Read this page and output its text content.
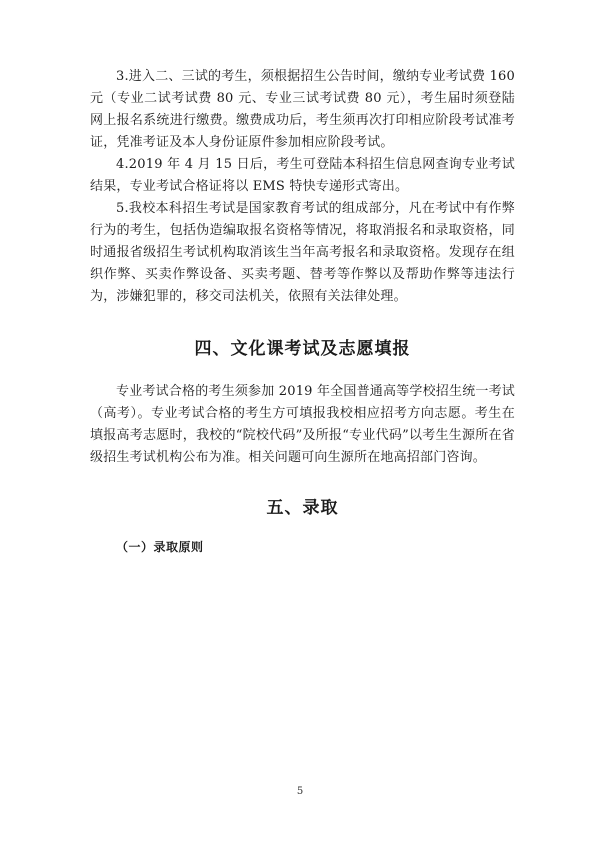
3.进入二、三试的考生，须根据招生公告时间，缴纳专业考试费 160 元（专业二试考试费 80 元、专业三试考试费 80 元），考生届时须登陆网上报名系统进行缴费。缴费成功后，考生须再次打印相应阶段考试准考证，凭准考证及本人身份证原件参加相应阶段考试。

4.2019 年 4 月 15 日后，考生可登陆本科招生信息网查询专业考试结果，专业考试合格证将以 EMS 特快专递形式寄出。

5.我校本科招生考试是国家教育考试的组成部分，凡在考试中有作弊行为的考生，包括伪造编取报名资格等情况，将取消报名和录取资格，同时通报省级招生考试机构取消该生当年高考报名和录取资格。发现存在组织作弊、买卖作弊设备、买卖考题、替考等作弊以及帮助作弊等违法行为，涉嫌犯罪的，移交司法机关，依照有关法律处理。

四、文化课考试及志愿填报

专业考试合格的考生须参加 2019 年全国普通高等学校招生统一考试（高考）。专业考试合格的考生方可填报我校相应招考方向志愿。考生在填报高考志愿时，我校的“院校代码”及所报“专业代码”以考生生源所在省级招生考试机构公布为准。相关问题可向生源所在地高招部门咨询。

五、录取
（一）录取原则
5
